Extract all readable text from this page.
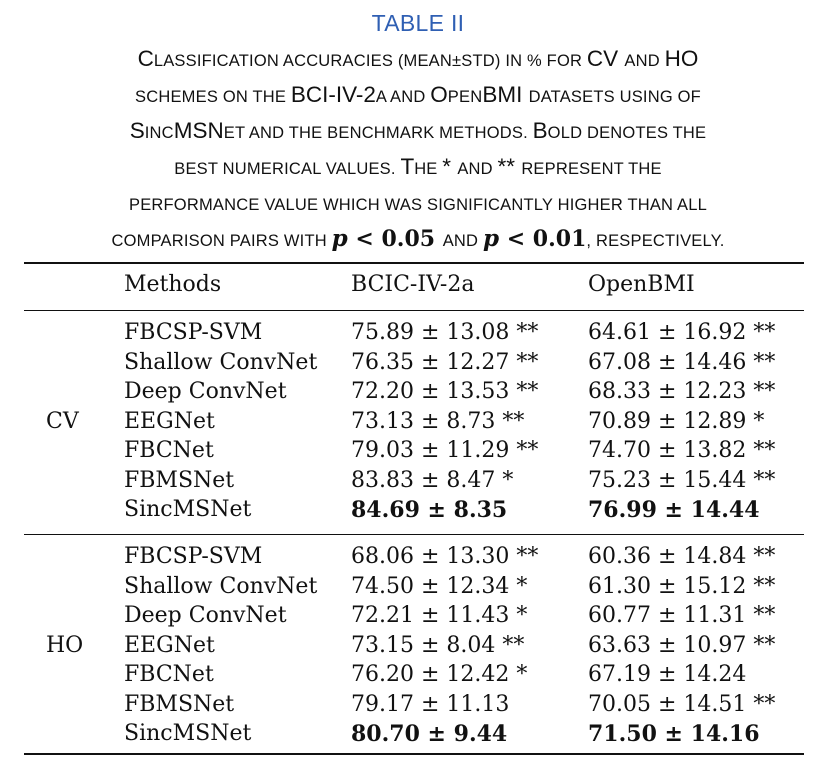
TABLE II
CLASSIFICATION ACCURACIES (MEAN±STD) IN % FOR CV AND HO
SCHEMES ON THE BCI-IV-2A AND OPENBMI DATASETS USING OF
SINCMSNET AND THE BENCHMARK METHODS. BOLD DENOTES THE
BEST NUMERICAL VALUES. THE * AND ** REPRESENT THE
PERFORMANCE VALUE WHICH WAS SIGNIFICANTLY HIGHER THAN ALL
COMPARISON PAIRS WITH p < 0.05 AND p < 0.01, RESPECTIVELY.
Methods	BCIC-IV-2a	OpenBMI
CV
FBCSP-SVM	75.89 ± 13.08 ** 64.61 ± 16.92 **
Shallow ConvNet 76.35 ± 12.27 ** 67.08 ± 14.46 **
Deep ConvNet	72.20 ± 13.53 ** 68.33 ± 12.23 **
EEGNet	73.13 ± 8.73 **	70.89 ± 12.89 *
FBCNet	79.03 ± 11.29 ** 74.70 ± 13.82 **
FBMSNet	83.83 ± 8.47 *	75.23 ± 15.44 **
SincMSNet	84.69 ± 8.35	76.99 ± 14.44
HO
FBCSP-SVM	68.06 ± 13.30 ** 60.36 ± 14.84 **
Shallow ConvNet 74.50 ± 12.34 *	61.30 ± 15.12 **
Deep ConvNet	72.21 ± 11.43 *	60.77 ± 11.31 **
EEGNet	73.15 ± 8.04 **	63.63 ± 10.97 **
FBCNet	76.20 ± 12.42 *	67.19 ± 14.24
FBMSNet	79.17 ± 11.13	70.05 ± 14.51 **
SincMSNet	80.70 ± 9.44	71.50 ± 14.16
